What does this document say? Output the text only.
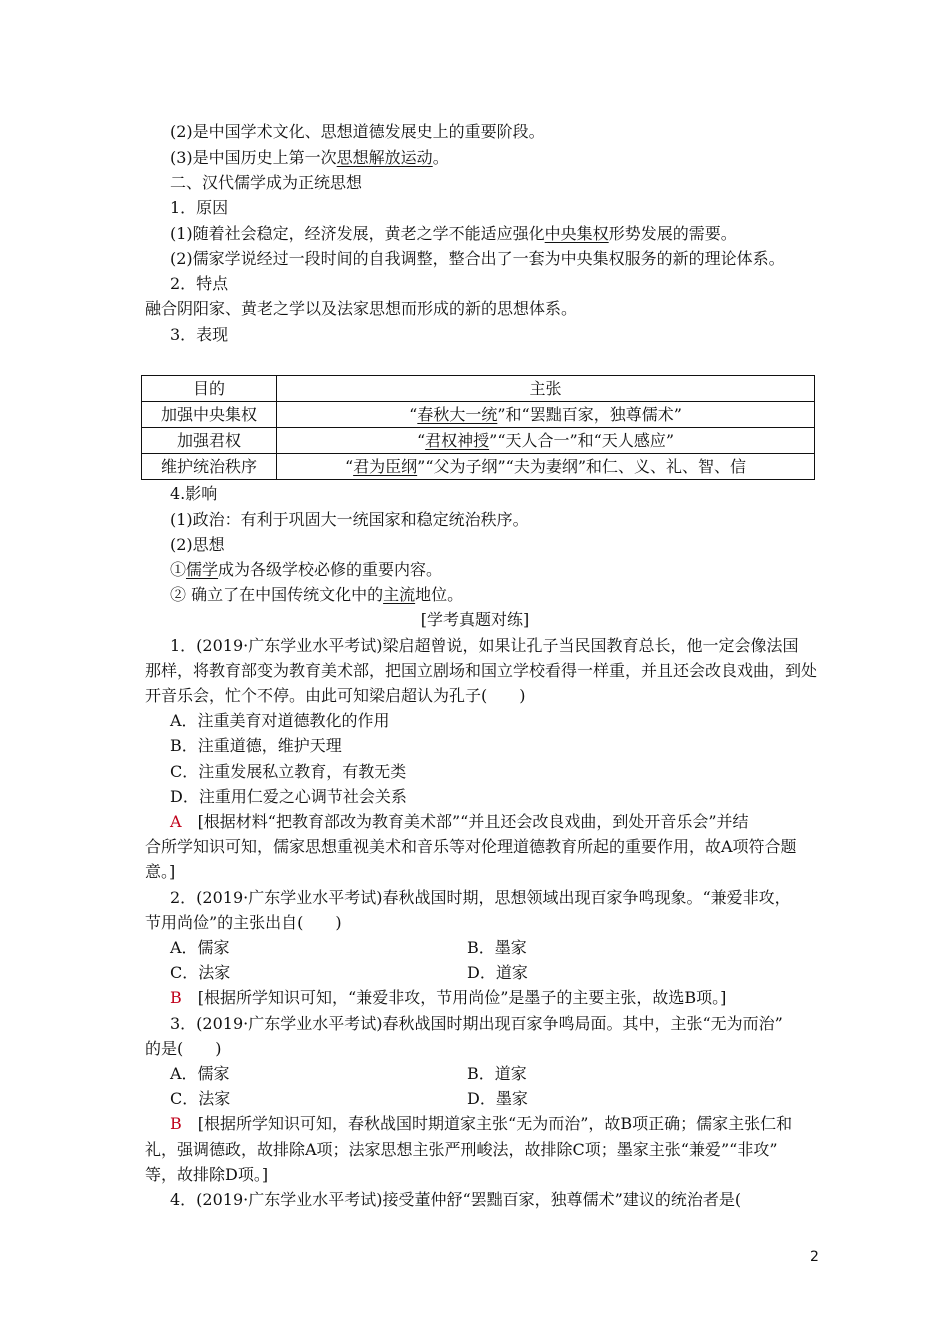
(2)是中国学术文化、思想道德发展史上的重要阶段。
(3)是中国历史上第一次思想解放运动。
二、汉代儒学成为正统思想
1．原因
(1)随着社会稳定，经济发展，黄老之学不能适应强化中央集权形势发展的需要。
(2)儒家学说经过一段时间的自我调整，整合出了一套为中央集权服务的新的理论体系。
2．特点
融合阴阳家、黄老之学以及法家思想而形成的新的思想体系。
3．表现
目的	主张
加强中央集权	“春秋大一统”和“罢黜百家，独尊儒术”
加强君权	“君权神授”“天人合一”和“天人感应”
维护统治秩序	“君为臣纲”“父为子纲”“夫为妻纲”和仁、义、礼、智、信
4.影响
(1)政治：有利于巩固大一统国家和稳定统治秩序。
(2)思想
①儒学成为各级学校必修的重要内容。
② 确立了在中国传统文化中的主流地位。
[学考真题对练]
1．(2019·广东学业水平考试)梁启超曾说，如果让孔子当民国教育总长，他一定会像法国
那样，将教育部变为教育美术部，把国立剧场和国立学校看得一样重，并且还会改良戏曲，到处
开音乐会，忙个不停。由此可知梁启超认为孔子(　　)
A．注重美育对道德教化的作用
B．注重道德，维护天理
C．注重发展私立教育，有教无类
D．注重用仁爱之心调节社会关系
A　[根据材料“把教育部改为教育美术部”“并且还会改良戏曲，到处开音乐会”并结
合所学知识可知，儒家思想重视美术和音乐等对伦理道德教育所起的重要作用，故A项符合题
意。]
2．(2019·广东学业水平考试)春秋战国时期，思想领域出现百家争鸣现象。“兼爱非攻，
节用尚俭”的主张出自(　　)
A．儒家	B．墨家
C．法家	D．道家
B　[根据所学知识可知，“兼爱非攻，节用尚俭”是墨子的主要主张，故选B项。]
3．(2019·广东学业水平考试)春秋战国时期出现百家争鸣局面。其中，主张“无为而治”
的是(　　)
A．儒家	B．道家
C．法家	D．墨家
B　[根据所学知识可知，春秋战国时期道家主张“无为而治”，故B项正确；儒家主张仁和
礼，强调德政，故排除A项；法家思想主张严刑峻法，故排除C项；墨家主张“兼爱”“非攻”
等，故排除D项。]
4．(2019·广东学业水平考试)接受董仲舒“罢黜百家，独尊儒术”建议的统治者是(
2
